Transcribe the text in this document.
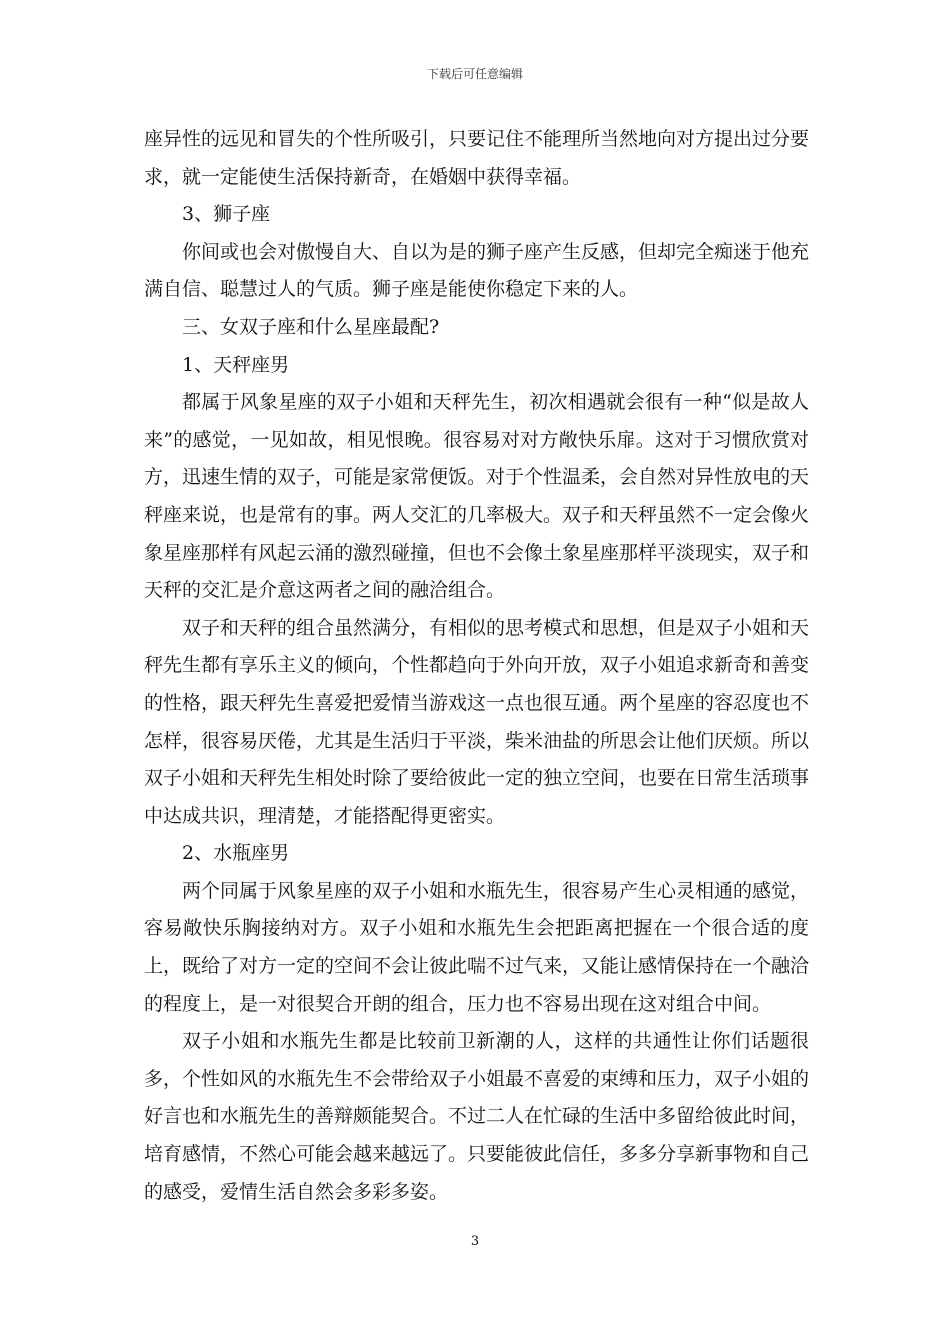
下载后可任意编辑

座异性的远见和冒失的个性所吸引，只要记住不能理所当然地向对方提出过分要求，就一定能使生活保持新奇，在婚姻中获得幸福。

3、狮子座

你间或也会对傲慢自大、自以为是的狮子座产生反感，但却完全痴迷于他充满自信、聪慧过人的气质。狮子座是能使你稳定下来的人。

三、女双子座和什么星座最配?

1、天秤座男

都属于风象星座的双子小姐和天秤先生，初次相遇就会很有一种“似是故人来”的感觉，一见如故，相见恨晚。很容易对对方敞快乐扉。这对于习惯欣赏对方，迅速生情的双子，可能是家常便饭。对于个性温柔，会自然对异性放电的天秤座来说，也是常有的事。两人交汇的几率极大。双子和天秤虽然不一定会像火象星座那样有风起云涌的激烈碰撞，但也不会像土象星座那样平淡现实，双子和天秤的交汇是介意这两者之间的融洽组合。

双子和天秤的组合虽然满分，有相似的思考模式和思想，但是双子小姐和天秤先生都有享乐主义的倾向，个性都趋向于外向开放，双子小姐追求新奇和善变的性格，跟天秤先生喜爱把爱情当游戏这一点也很互通。两个星座的容忍度也不怎样，很容易厌倦，尤其是生活归于平淡，柴米油盐的所思会让他们厌烦。所以双子小姐和天秤先生相处时除了要给彼此一定的独立空间，也要在日常生活琐事中达成共识，理清楚，才能搭配得更密实。

2、水瓶座男

两个同属于风象星座的双子小姐和水瓶先生，很容易产生心灵相通的感觉，容易敞快乐胸接纳对方。双子小姐和水瓶先生会把距离把握在一个很合适的度上，既给了对方一定的空间不会让彼此喘不过气来，又能让感情保持在一个融洽的程度上，是一对很契合开朗的组合，压力也不容易出现在这对组合中间。

双子小姐和水瓶先生都是比较前卫新潮的人，这样的共通性让你们话题很多，个性如风的水瓶先生不会带给双子小姐最不喜爱的束缚和压力，双子小姐的好言也和水瓶先生的善辩颇能契合。不过二人在忙碌的生活中多留给彼此时间，培育感情，不然心可能会越来越远了。只要能彼此信任，多多分享新事物和自己的感受，爱情生活自然会多彩多姿。

3
